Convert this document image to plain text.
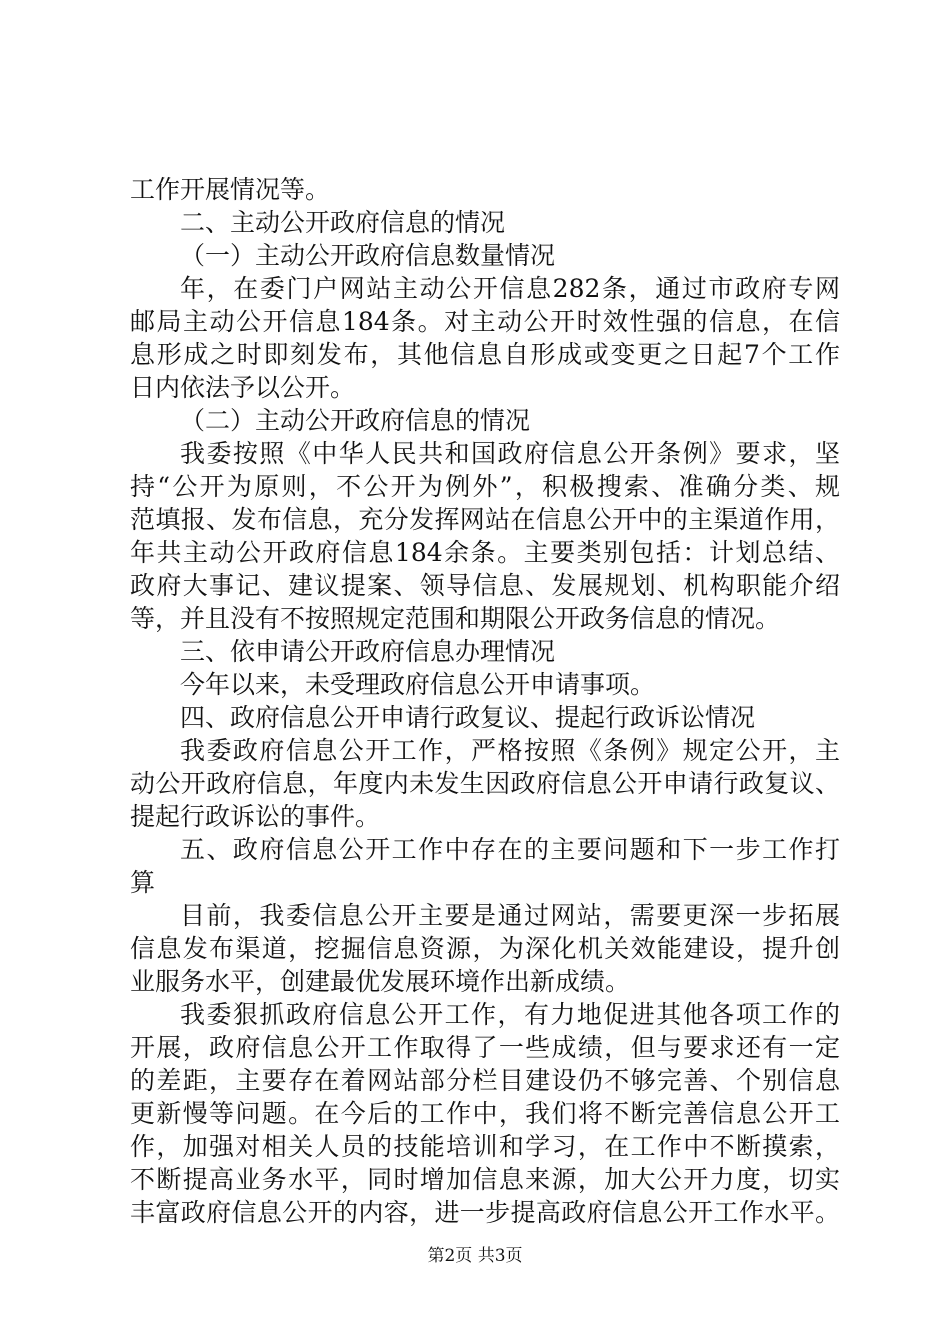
工作开展情况等。

二、主动公开政府信息的情况

（一）主动公开政府信息数量情况

年，在委门户网站主动公开信息282条，通过市政府专网

邮局主动公开信息184条。对主动公开时效性强的信息，在信

息形成之时即刻发布，其他信息自形成或变更之日起7个工作

日内依法予以公开。

（二）主动公开政府信息的情况

我委按照《中华人民共和国政府信息公开条例》要求，坚

持“公开为原则，不公开为例外”，积极搜索、准确分类、规

范填报、发布信息，充分发挥网站在信息公开中的主渠道作用，

年共主动公开政府信息184余条。主要类别包括：计划总结、

政府大事记、建议提案、领导信息、发展规划、机构职能介绍

等，并且没有不按照规定范围和期限公开政务信息的情况。

三、依申请公开政府信息办理情况

今年以来，未受理政府信息公开申请事项。

四、政府信息公开申请行政复议、提起行政诉讼情况

我委政府信息公开工作，严格按照《条例》规定公开，主

动公开政府信息，年度内未发生因政府信息公开申请行政复议、

提起行政诉讼的事件。

五、政府信息公开工作中存在的主要问题和下一步工作打

算

目前，我委信息公开主要是通过网站，需要更深一步拓展

信息发布渠道，挖掘信息资源，为深化机关效能建设，提升创

业服务水平，创建最优发展环境作出新成绩。

我委狠抓政府信息公开工作，有力地促进其他各项工作的

开展，政府信息公开工作取得了一些成绩，但与要求还有一定

的差距，主要存在着网站部分栏目建设仍不够完善、个别信息

更新慢等问题。在今后的工作中，我们将不断完善信息公开工

作，加强对相关人员的技能培训和学习，在工作中不断摸索，

不断提高业务水平，同时增加信息来源，加大公开力度，切实

丰富政府信息公开的内容，进一步提高政府信息公开工作水平。

第2页 共3页
